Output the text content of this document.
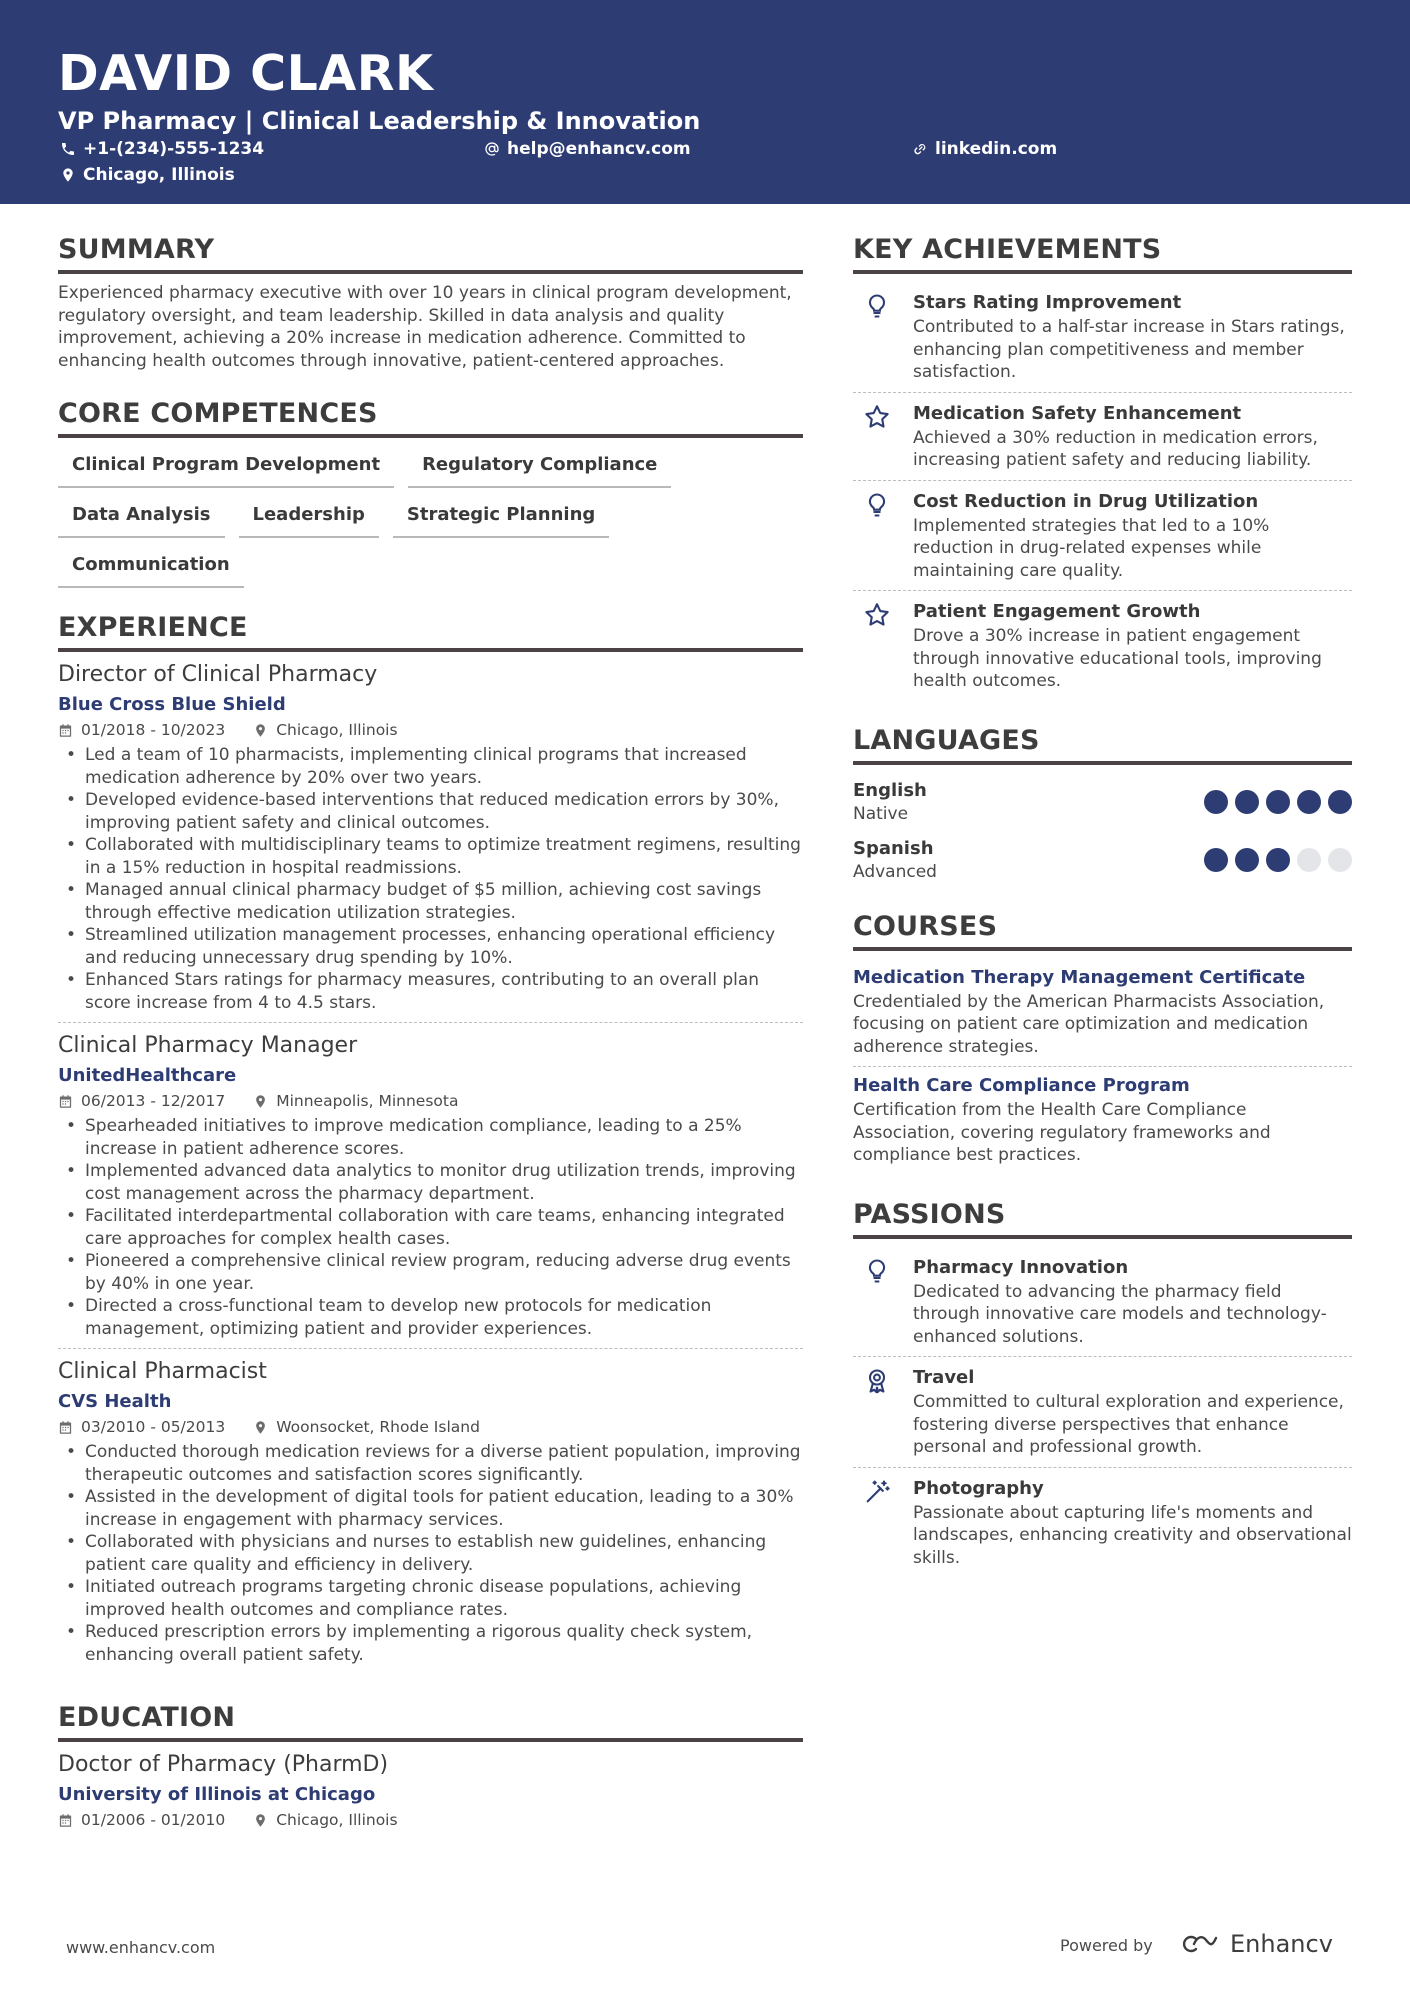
DAVID CLARK
VP Pharmacy | Clinical Leadership & Innovation
+1-(234)-555-1234	help@enhancv.com	linkedin.com
Chicago, Illinois
SUMMARY
Experienced pharmacy executive with over 10 years in clinical program development, regulatory oversight, and team leadership. Skilled in data analysis and quality improvement, achieving a 20% increase in medication adherence. Committed to enhancing health outcomes through innovative, patient-centered approaches.
CORE COMPETENCES
Clinical Program Development	Regulatory Compliance
Data Analysis	Leadership	Strategic Planning
Communication
EXPERIENCE
Director of Clinical Pharmacy
Blue Cross Blue Shield
01/2018 - 10/2023	Chicago, Illinois
• Led a team of 10 pharmacists, implementing clinical programs that increased medication adherence by 20% over two years.
• Developed evidence-based interventions that reduced medication errors by 30%, improving patient safety and clinical outcomes.
• Collaborated with multidisciplinary teams to optimize treatment regimens, resulting in a 15% reduction in hospital readmissions.
• Managed annual clinical pharmacy budget of $5 million, achieving cost savings through effective medication utilization strategies.
• Streamlined utilization management processes, enhancing operational efficiency and reducing unnecessary drug spending by 10%.
• Enhanced Stars ratings for pharmacy measures, contributing to an overall plan score increase from 4 to 4.5 stars.
Clinical Pharmacy Manager
UnitedHealthcare
06/2013 - 12/2017	Minneapolis, Minnesota
• Spearheaded initiatives to improve medication compliance, leading to a 25% increase in patient adherence scores.
• Implemented advanced data analytics to monitor drug utilization trends, improving cost management across the pharmacy department.
• Facilitated interdepartmental collaboration with care teams, enhancing integrated care approaches for complex health cases.
• Pioneered a comprehensive clinical review program, reducing adverse drug events by 40% in one year.
• Directed a cross-functional team to develop new protocols for medication management, optimizing patient and provider experiences.
Clinical Pharmacist
CVS Health
03/2010 - 05/2013	Woonsocket, Rhode Island
• Conducted thorough medication reviews for a diverse patient population, improving therapeutic outcomes and satisfaction scores significantly.
• Assisted in the development of digital tools for patient education, leading to a 30% increase in engagement with pharmacy services.
• Collaborated with physicians and nurses to establish new guidelines, enhancing patient care quality and efficiency in delivery.
• Initiated outreach programs targeting chronic disease populations, achieving improved health outcomes and compliance rates.
• Reduced prescription errors by implementing a rigorous quality check system, enhancing overall patient safety.
EDUCATION
Doctor of Pharmacy (PharmD)
University of Illinois at Chicago
01/2006 - 01/2010	Chicago, Illinois
KEY ACHIEVEMENTS
Stars Rating Improvement
Contributed to a half-star increase in Stars ratings, enhancing plan competitiveness and member satisfaction.
Medication Safety Enhancement
Achieved a 30% reduction in medication errors, increasing patient safety and reducing liability.
Cost Reduction in Drug Utilization
Implemented strategies that led to a 10% reduction in drug-related expenses while maintaining care quality.
Patient Engagement Growth
Drove a 30% increase in patient engagement through innovative educational tools, improving health outcomes.
LANGUAGES
English
Native
Spanish
Advanced
COURSES
Medication Therapy Management Certificate
Credentialed by the American Pharmacists Association, focusing on patient care optimization and medication adherence strategies.
Health Care Compliance Program
Certification from the Health Care Compliance Association, covering regulatory frameworks and compliance best practices.
PASSIONS
Pharmacy Innovation
Dedicated to advancing the pharmacy field through innovative care models and technology-enhanced solutions.
Travel
Committed to cultural exploration and experience, fostering diverse perspectives that enhance personal and professional growth.
Photography
Passionate about capturing life's moments and landscapes, enhancing creativity and observational skills.
www.enhancv.com	Powered by	Enhancv
